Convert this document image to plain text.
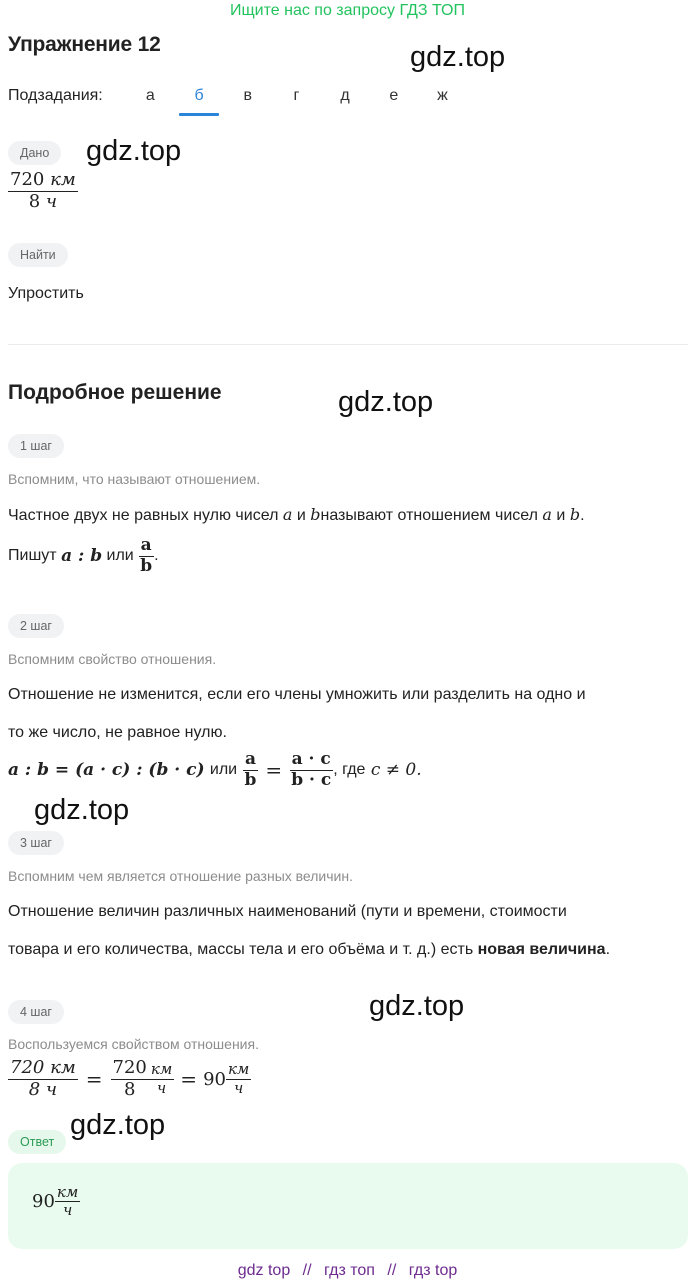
Ищите нас по запросу ГДЗ ТОП
Упражнение 12	gdz.top
gdz.top
gdz.top
gdz.top
gdz.top
gdz.top
Подзадания:	а	б	в	г	д	е	ж
Дано
$\frac{720 км}{8 ч}$
Найти
Упростить
Подробное решение
1 шаг
Вспомним, что называют отношением.
Частное двух не равных нулю чисел a и bназывают отношением чисел a и b.
Пишут
a : b
или
$\frac{a}{b}$ .
2 шаг
Вспомним свойство отношения.
Отношение не изменится, если его члены умножить или разделить на одно и
то же число, не равное нулю.
a : b = (a · c) : (b · c)
или
$\frac{a}{b} = \frac{a \cdot c}{b \cdot c}$ , где
c ≠ 0.
3 шаг
Вспомним чем является отношение разных величин.
Отношение величин различных наименований (пути и времени, стоимости
товара и его количества, массы тела и его объёма и т. д.) есть новая величина.
4 шаг
Воспользуемся свойством отношения.
$\frac{720 км}{8 ч} = \frac{720}{8} \frac{км}{ч} = 90 \frac{км}{ч}$
Ответ
$90 \frac{км}{ч}$
gdz top // гдз топ // гдз top
